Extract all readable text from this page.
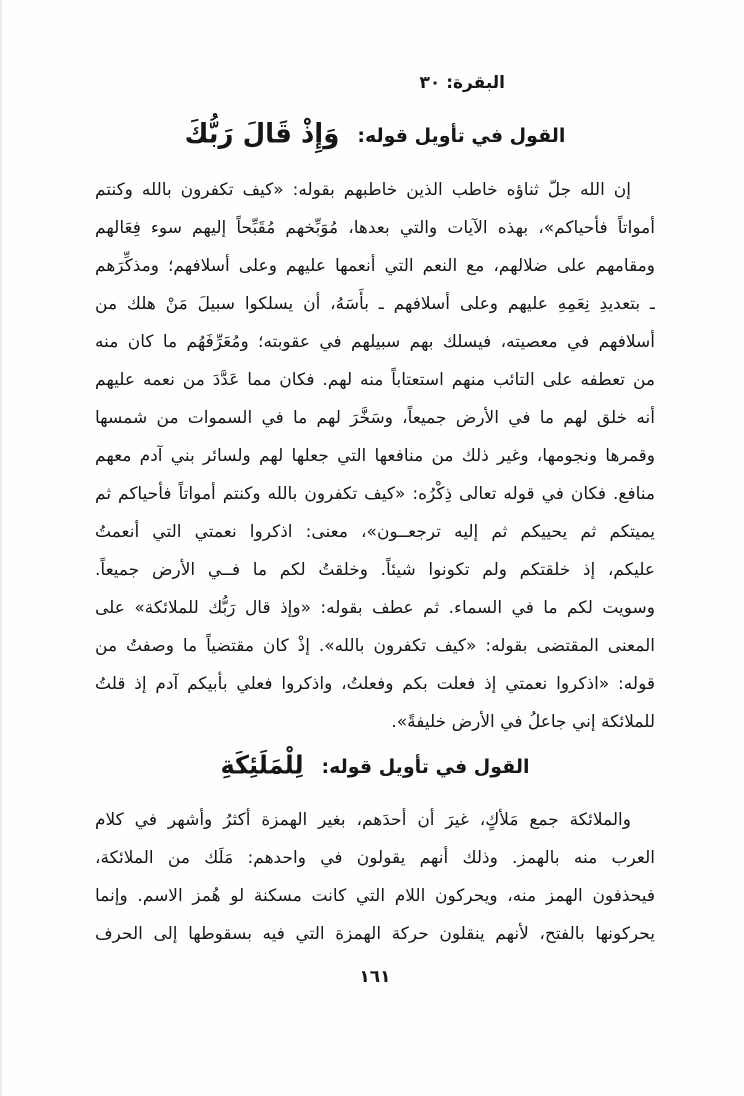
البقرة: ٣٠
القول في تأويل قوله:وَإِذْ قَالَ رَبُّكَ
إن الله جلّ ثناؤه خاطب الذين خاطبهم بقوله: «كيف تكفرون بالله وكنتم
أمواتاً فأحياكم»، بهذه الآيات والتي بعدها، مُوَبِّخهم مُقَبِّحاً إليهم سوء فِعَالهم
ومقامهم على ضلالهم، مع النعم التي أنعمها عليهم وعلى أسلافهم؛ ومذكِّرَهم
ـ بتعديدِ نِعَمِهِ عليهم وعلى أسلافهم ـ بأَسَهُ، أن يسلكوا سبيلَ مَنْ هلك من
أسلافهم في معصيته، فيسلك بهم سبيلهم في عقوبته؛ ومُعَرِّفَهُم ما كان منه
من تعطفه على التائب منهم استعتاباً منه لهم. فكان مما عَدَّدَ من نعمه عليهم
أنه خلق لهم ما في الأرض جميعاً، وسَخَّرَ لهم ما في السموات من شمسها
وقمرها ونجومها، وغير ذلك من منافعها التي جعلها لهم ولسائر بني آدم معهم
منافع. فكان في قوله تعالى ذِكْرُه: «كيف تكفرون بالله وكنتم أمواتاً فأحياكم ثم
يميتكم ثم يحييكم ثم إليه ترجعــون»، معنى: اذكروا نعمتي التي أنعمتُ
عليكم، إذ خلقتكم ولم تكونوا شيئاً. وخلقتُ لكم ما فــي الأرض جميعاً.
وسويت لكم ما في السماء. ثم عطف بقوله: «وإذ قال رَبُّك للملائكة» على
المعنى المقتضى بقوله: «كيف تكفرون بالله». إذْ كان مقتضياً ما وصفتُ من
قوله: «اذكروا نعمتي إذ فعلت بكم وفعلتُ، واذكروا فعلي بأبيكم آدم إذ قلتُ
للملائكة إني جاعلُ في الأرض خليفةً».
القول في تأويل قوله:لِلْمَلَئِكَةِ
والملائكة جمع مَلأكٍ، غيرَ أن أحدَهم، بغير الهمزة أكثرُ وأشهر في كلام
العرب منه بالهمز. وذلك أنهم يقولون في واحدهم: مَلَك من الملائكة،
فيحذفون الهمز منه، ويحركون اللام التي كانت مسكنة لو هُمز الاسم. وإنما
يحركونها بالفتح، لأنهم ينقلون حركة الهمزة التي فيه بسقوطها إلى الحرف
١٦١
